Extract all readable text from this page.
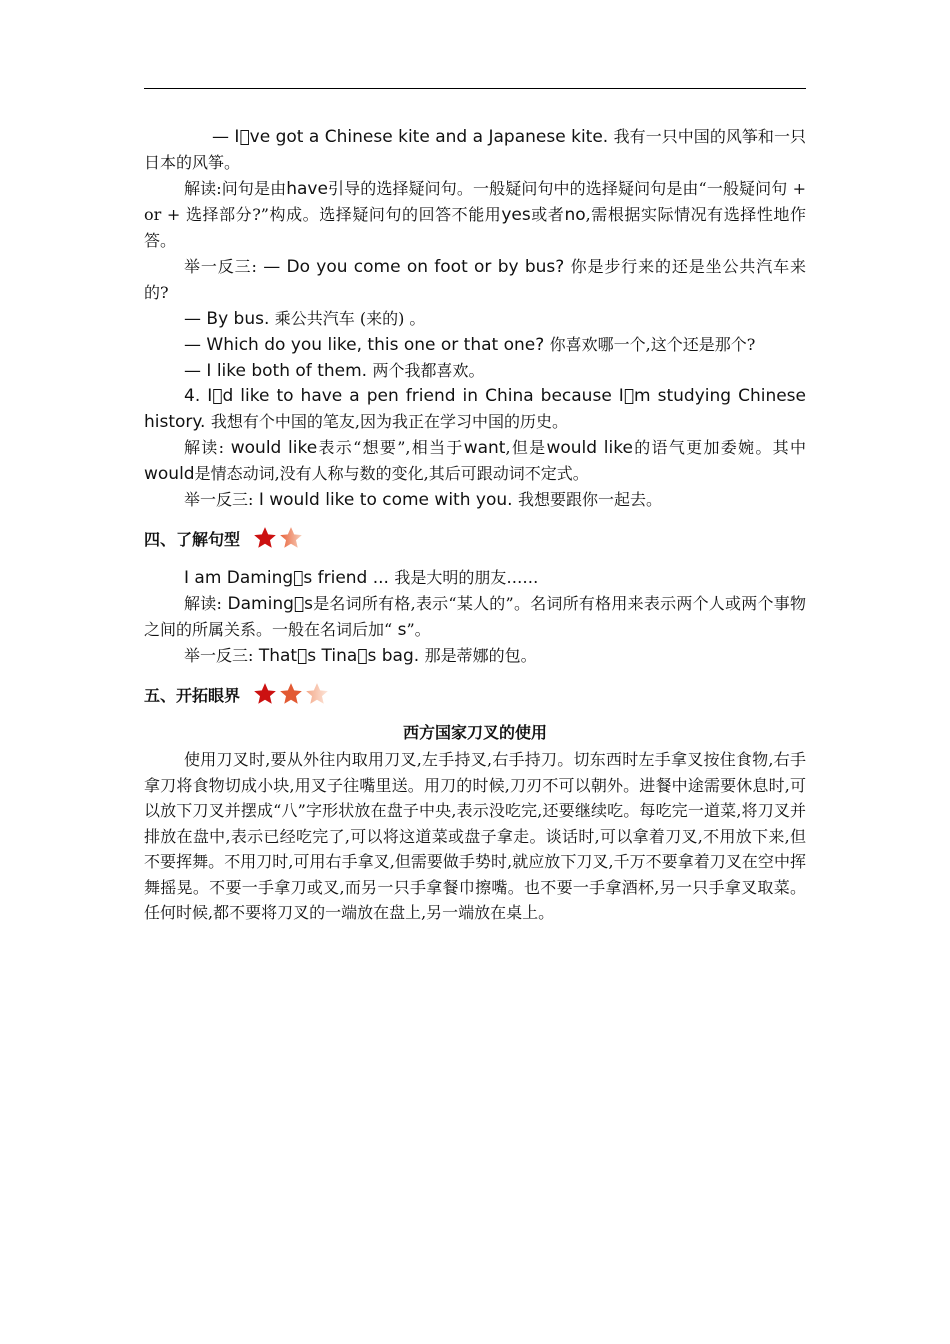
— I ve got a Chinese kite and a Japanese kite. 我有一只中国的风筝和一只日本的风筝。

解读:问句是由have引导的选择疑问句。一般疑问句中的选择疑问句是由“一般疑问句 + or + 选择部分?”构成。选择疑问句的回答不能用yes或者no,需根据实际情况有选择性地作答。

举一反三: — Do you come on foot or by bus? 你是步行来的还是坐公共汽车来的?

— By bus. 乘公共汽车 (来的) 。

— Which do you like, this one or that one? 你喜欢哪一个,这个还是那个?

— I like both of them. 两个我都喜欢。

4. I d like to have a pen friend in China because I m studying Chinese history. 我想有个中国的笔友,因为我正在学习中国的历史。

解读: would like表示“想要”,相当于want,但是would like的语气更加委婉。其中would是情态动词,没有人称与数的变化,其后可跟动词不定式。

举一反三: I would like to come with you. 我想要跟你一起去。

四、了解句型

I am Daming s friend ... 我是大明的朋友……

解读: Daming s是名词所有格,表示“某人的”。名词所有格用来表示两个人或两个事物之间的所属关系。一般在名词后加“ s”。

举一反三: That s Tina s bag. 那是蒂娜的包。

五、开拓眼界
西方国家刀叉的使用

使用刀叉时,要从外往内取用刀叉,左手持叉,右手持刀。切东西时左手拿叉按住食物,右手拿刀将食物切成小块,用叉子往嘴里送。用刀的时候,刀刃不可以朝外。进餐中途需要休息时,可以放下刀叉并摆成“八”字形状放在盘子中央,表示没吃完,还要继续吃。每吃完一道菜,将刀叉并排放在盘中,表示已经吃完了,可以将这道菜或盘子拿走。谈话时,可以拿着刀叉,不用放下来,但不要挥舞。不用刀时,可用右手拿叉,但需要做手势时,就应放下刀叉,千万不要拿着刀叉在空中挥舞摇晃。不要一手拿刀或叉,而另一只手拿餐巾擦嘴。也不要一手拿酒杯,另一只手拿叉取菜。任何时候,都不要将刀叉的一端放在盘上,另一端放在桌上。
